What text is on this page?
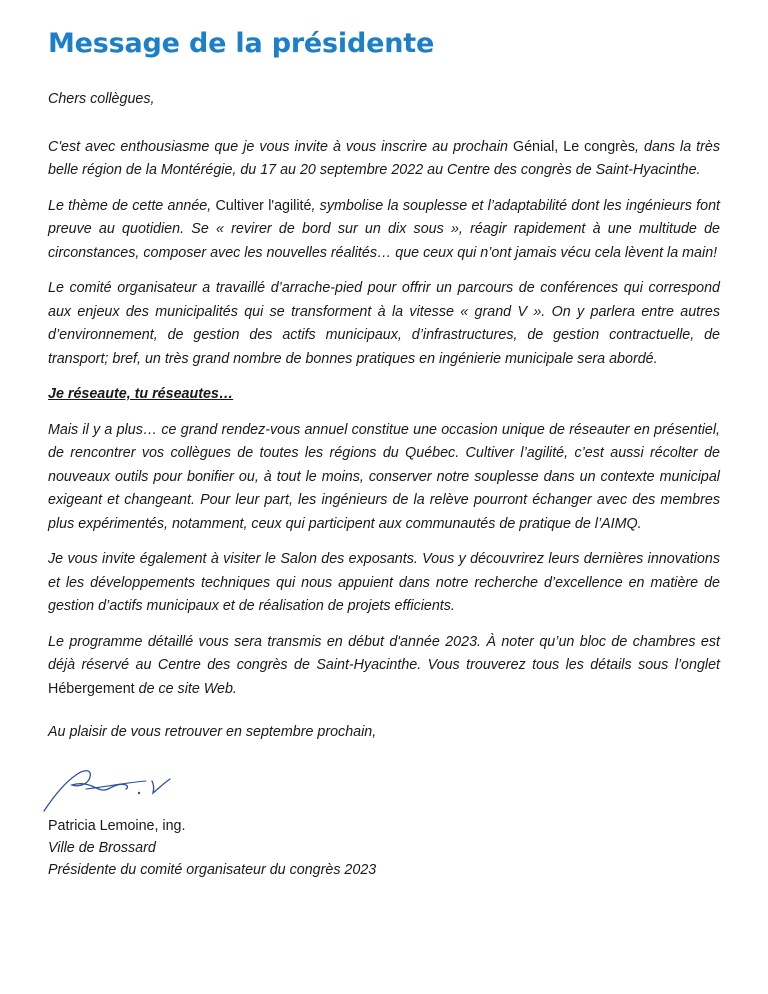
Message de la présidente

Chers collègues,

C'est avec enthousiasme que je vous invite à vous inscrire au prochain Génial, Le congrès, dans la très belle région de la Montérégie, du 17 au 20 septembre 2022 au Centre des congrès de Saint-Hyacinthe.

Le thème de cette année, Cultiver l'agilité, symbolise la souplesse et l’adaptabilité dont les ingénieurs font preuve au quotidien. Se « revirer de bord sur un dix sous », réagir rapidement à une multitude de circonstances, composer avec les nouvelles réalités… que ceux qui n’ont jamais vécu cela lèvent la main!

Le comité organisateur a travaillé d’arrache-pied pour offrir un parcours de conférences qui correspond aux enjeux des municipalités qui se transforment à la vitesse « grand V ». On y parlera entre autres d’environnement, de gestion des actifs municipaux, d’infrastructures, de gestion contractuelle, de transport; bref, un très grand nombre de bonnes pratiques en ingénierie municipale sera abordé.

Je réseaute, tu réseautes…

Mais il y a plus… ce grand rendez-vous annuel constitue une occasion unique de réseauter en présentiel, de rencontrer vos collègues de toutes les régions du Québec. Cultiver l’agilité, c’est aussi récolter de nouveaux outils pour bonifier ou, à tout le moins, conserver notre souplesse dans un contexte municipal exigeant et changeant. Pour leur part, les ingénieurs de la relève pourront échanger avec des membres plus expérimentés, notamment, ceux qui participent aux communautés de pratique de l’AIMQ.

Je vous invite également à visiter le Salon des exposants. Vous y découvrirez leurs dernières innovations et les développements techniques qui nous appuient dans notre recherche d’excellence en matière de gestion d’actifs municipaux et de réalisation de projets efficients.

Le programme détaillé vous sera transmis en début d'année 2023. À noter qu’un bloc de chambres est déjà réservé au Centre des congrès de Saint-Hyacinthe. Vous trouverez tous les détails sous l’onglet Hébergement de ce site Web.

Au plaisir de vous retrouver en septembre prochain,

Patricia Lemoine, ing.
Ville de Brossard
Présidente du comité organisateur du congrès 2023
